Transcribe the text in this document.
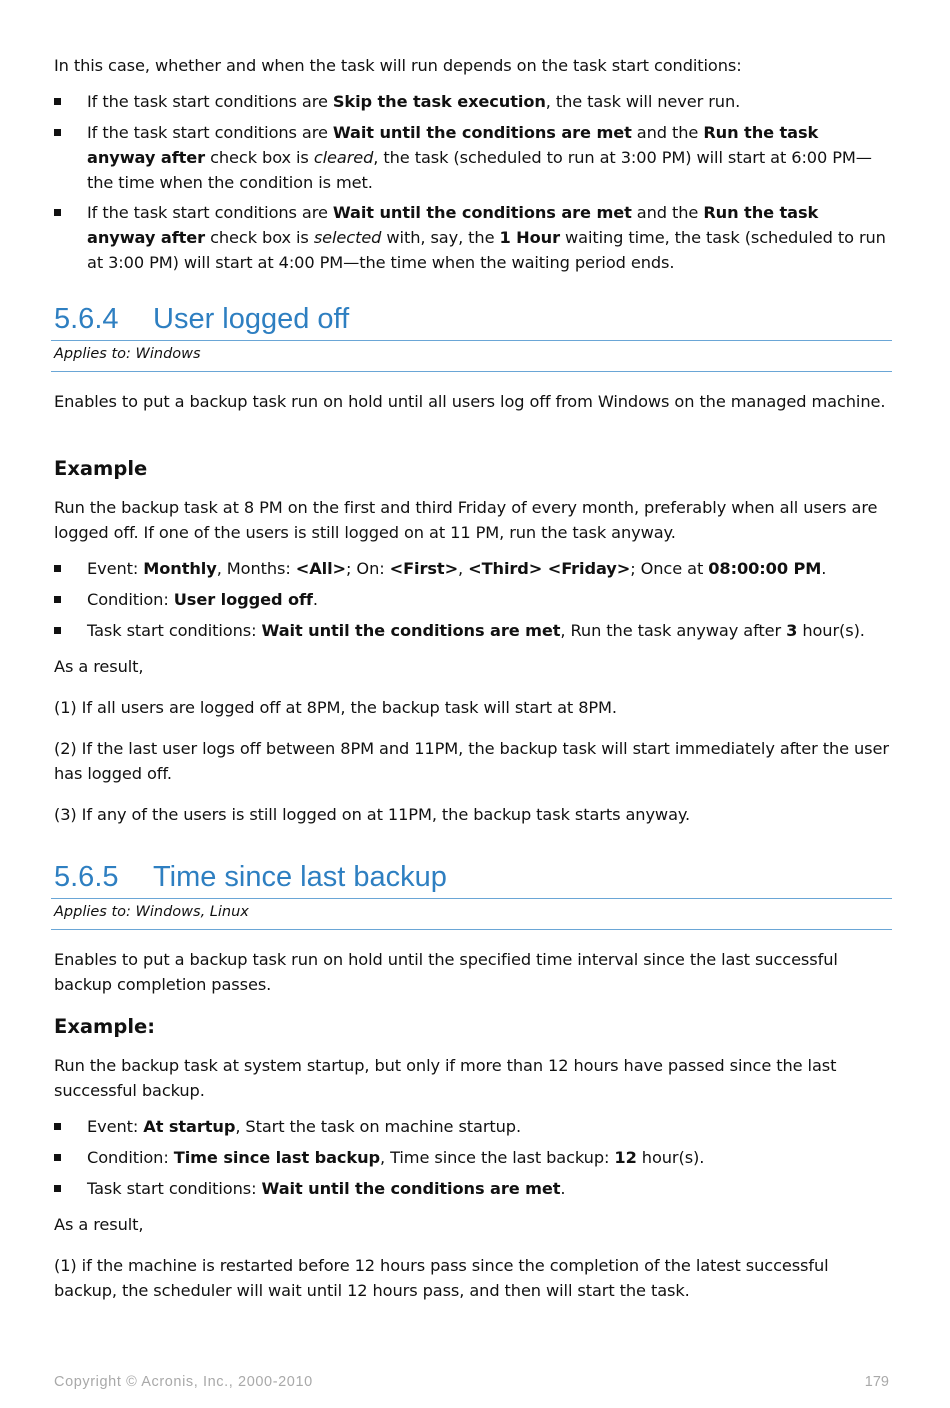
In this case, whether and when the task will run depends on the task start conditions:

If the task start conditions are Skip the task execution, the task will never run.
If the task start conditions are Wait until the conditions are met and the Run the task anyway after check box is cleared, the task (scheduled to run at 3:00 PM) will start at 6:00 PM—the time when the condition is met.
If the task start conditions are Wait until the conditions are met and the Run the task anyway after check box is selected with, say, the 1 Hour waiting time, the task (scheduled to run at 3:00 PM) will start at 4:00 PM—the time when the waiting period ends.
5.6.4 User logged off
Applies to: Windows

Enables to put a backup task run on hold until all users log off from Windows on the managed machine.

Example

Run the backup task at 8 PM on the first and third Friday of every month, preferably when all users are logged off. If one of the users is still logged on at 11 PM, run the task anyway.

Event: Monthly, Months: <All>; On: <First>, <Third> <Friday>; Once at 08:00:00 PM.
Condition: User logged off.
Task start conditions: Wait until the conditions are met, Run the task anyway after 3 hour(s).

As a result,

(1) If all users are logged off at 8PM, the backup task will start at 8PM.

(2) If the last user logs off between 8PM and 11PM, the backup task will start immediately after the user has logged off.

(3) If any of the users is still logged on at 11PM, the backup task starts anyway.

5.6.5 Time since last backup
Applies to: Windows, Linux

Enables to put a backup task run on hold until the specified time interval since the last successful backup completion passes.

Example:

Run the backup task at system startup, but only if more than 12 hours have passed since the last successful backup.

Event: At startup, Start the task on machine startup.
Condition: Time since last backup, Time since the last backup: 12 hour(s).
Task start conditions: Wait until the conditions are met.

As a result,

(1) if the machine is restarted before 12 hours pass since the completion of the latest successful backup, the scheduler will wait until 12 hours pass, and then will start the task.

Copyright © Acronis, Inc., 2000-2010	179
